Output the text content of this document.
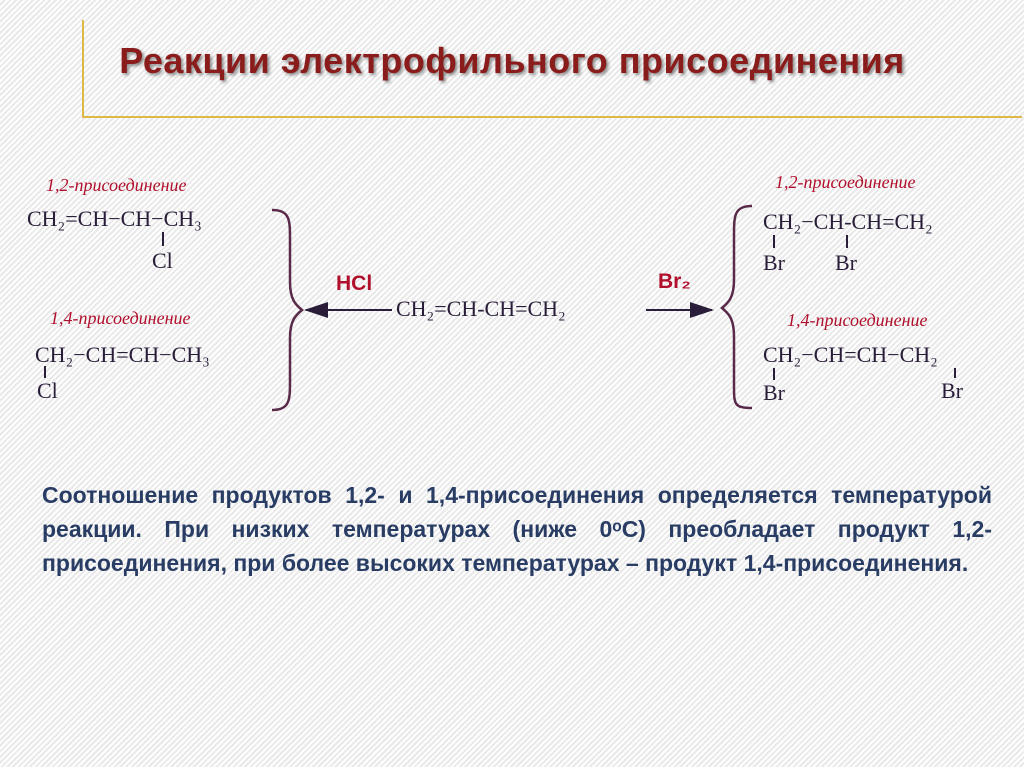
Реакции электрофильного присоединения
1,2-присоединение
CH₂=CH−CH−CH₃
Cl
1,4-присоединение
CH₂−CH=CH−CH₃
Cl
HCl
CH₂=CH-CH=CH₂
Br₂
1,2-присоединение
CH₂−CH-CH=CH₂
Br Br
1,4-присоединение
CH₂−CH=CH−CH₂
Br	Br
Соотношение продуктов 1,2- и 1,4-присоединения определяется температурой реакции. При низких температурах (ниже 0ᵒС) преобладает продукт 1,2-присоединения, при более высоких температурах – продукт 1,4-присоединения.
